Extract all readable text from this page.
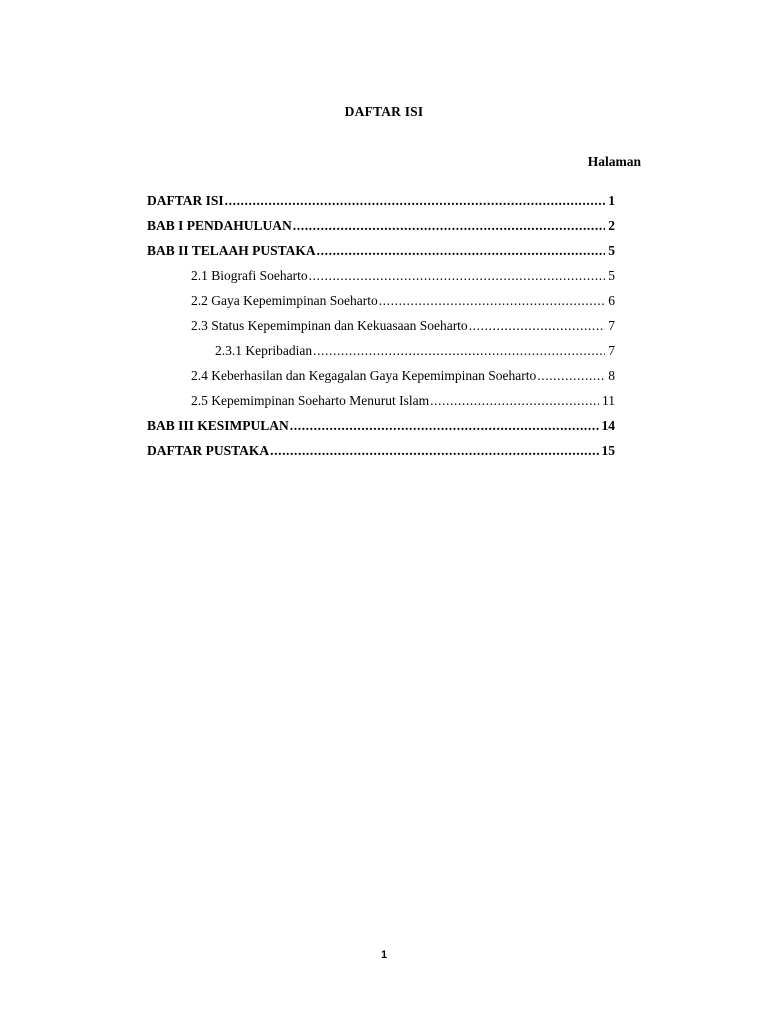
DAFTAR ISI
Halaman
DAFTAR ISI .....	1
BAB I PENDAHULUAN .....	2
BAB II TELAAH PUSTAKA .....	5
2.1 Biografi Soeharto .....	5
2.2 Gaya Kepemimpinan Soeharto .....	6
2.3 Status Kepemimpinan dan Kekuasaan Soeharto .....	7
2.3.1 Kepribadian .....	7
2.4 Keberhasilan dan Kegagalan Gaya Kepemimpinan Soeharto .....	8
2.5 Kepemimpinan Soeharto Menurut Islam .....	11
BAB III KESIMPULAN .....	14
DAFTAR PUSTAKA .....	15
1
